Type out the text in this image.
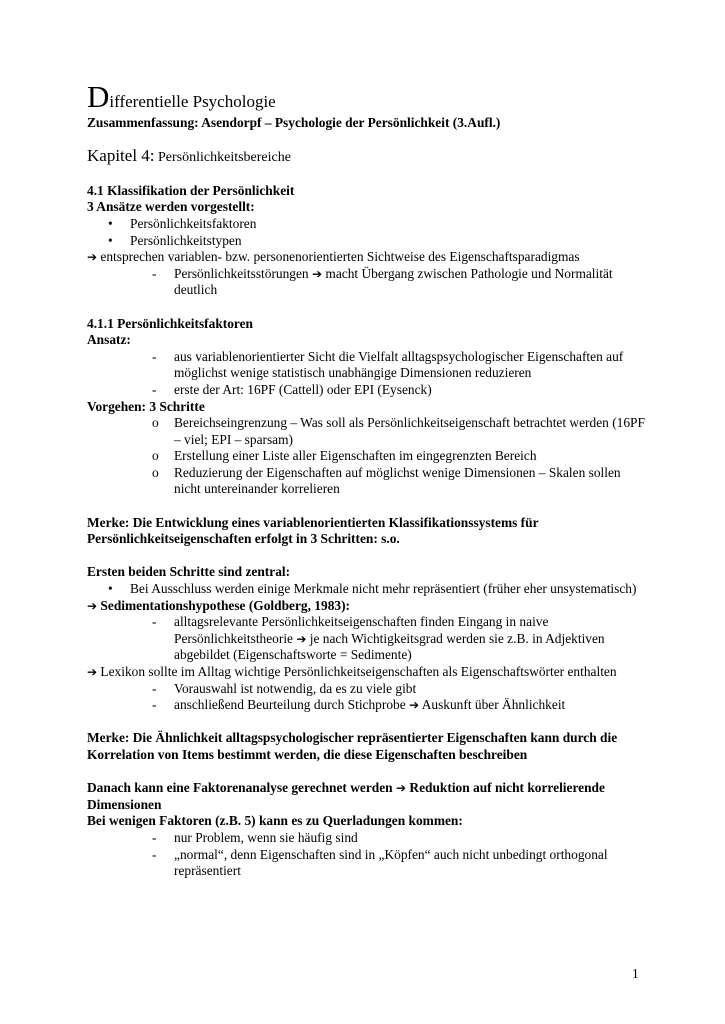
Differentielle Psychologie

Zusammenfassung: Asendorpf – Psychologie der Persönlichkeit (3.Aufl.)

Kapitel 4: Persönlichkeitsbereiche

4.1 Klassifikation der Persönlichkeit

3 Ansätze werden vorgestellt:

• Persönlichkeitsfaktoren
• Persönlichkeitstypen

➔ entsprechen variablen- bzw. personenorientierten Sichtweise des Eigenschaftsparadigmas

- Persönlichkeitsstörungen ➔ macht Übergang zwischen Pathologie und Normalität deutlich

4.1.1 Persönlichkeitsfaktoren

Ansatz:

- aus variablenorientierter Sicht die Vielfalt alltagspsychologischer Eigenschaften auf möglichst wenige statistisch unabhängige Dimensionen reduzieren
- erste der Art: 16PF (Cattell) oder EPI (Eysenck)

Vorgehen: 3 Schritte

o Bereichseingrenzung – Was soll als Persönlichkeitseigenschaft betrachtet werden (16PF – viel; EPI – sparsam)
o Erstellung einer Liste aller Eigenschaften im eingegrenzten Bereich
o Reduzierung der Eigenschaften auf möglichst wenige Dimensionen – Skalen sollen nicht untereinander korrelieren

Merke: Die Entwicklung eines variablenorientierten Klassifikationssystems für Persönlichkeitseigenschaften erfolgt in 3 Schritten: s.o.

Ersten beiden Schritte sind zentral:

• Bei Ausschluss werden einige Merkmale nicht mehr repräsentiert (früher eher unsystematisch)

➔ Sedimentationshypothese (Goldberg, 1983):

- alltagsrelevante Persönlichkeitseigenschaften finden Eingang in naive Persönlichkeitstheorie ➔ je nach Wichtigkeitsgrad werden sie z.B. in Adjektiven abgebildet (Eigenschaftsworte = Sedimente)

➔ Lexikon sollte im Alltag wichtige Persönlichkeitseigenschaften als Eigenschaftswörter enthalten

- Vorauswahl ist notwendig, da es zu viele gibt
- anschließend Beurteilung durch Stichprobe ➔ Auskunft über Ähnlichkeit

Merke: Die Ähnlichkeit alltagspsychologischer repräsentierter Eigenschaften kann durch die Korrelation von Items bestimmt werden, die diese Eigenschaften beschreiben

Danach kann eine Faktorenanalyse gerechnet werden ➔ Reduktion auf nicht korrelierende Dimensionen

Bei wenigen Faktoren (z.B. 5) kann es zu Querladungen kommen:

- nur Problem, wenn sie häufig sind
- „normal“, denn Eigenschaften sind in „Köpfen“ auch nicht unbedingt orthogonal repräsentiert
1
